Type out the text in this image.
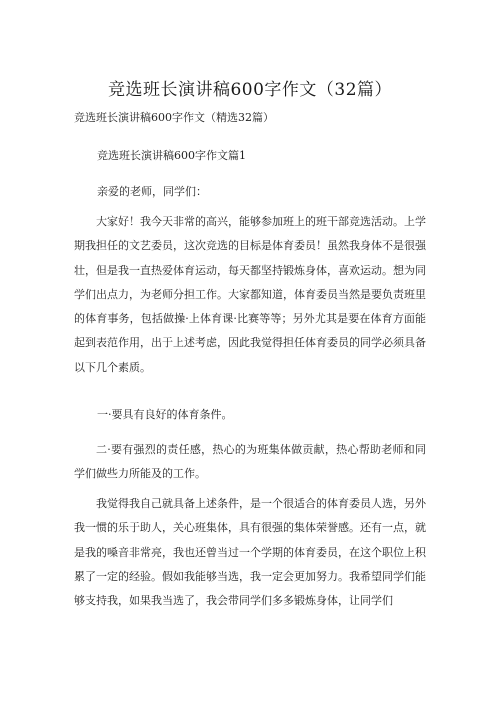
竞选班长演讲稿600字作文（32篇）
竞选班长演讲稿600字作文（精选32篇）
竞选班长演讲稿600字作文篇1
亲爱的老师，同学们：

大家好！我今天非常的高兴，能够参加班上的班干部竞选活动。上学期我担任的文艺委员，这次竞选的目标是体育委员！虽然我身体不是很强壮，但是我一直热爱体育运动，每天都坚持锻炼身体，喜欢运动。想为同学们出点力，为老师分担工作。大家都知道，体育委员当然是要负责班里的体育事务，包括做操·上体育课·比赛等等；另外尤其是要在体育方面能起到表范作用，出于上述考虑，因此我觉得担任体育委员的同学必须具备以下几个素质。

一·要具有良好的体育条件。

二·要有强烈的责任感，热心的为班集体做贡献，热心帮助老师和同学们做些力所能及的工作。

我觉得我自己就具备上述条件，是一个很适合的体育委员人选，另外我一惯的乐于助人，关心班集体，具有很强的集体荣誉感。还有一点，就是我的嗓音非常亮，我也还曾当过一个学期的体育委员，在这个职位上积累了一定的经验。假如我能够当选，我一定会更加努力。我希望同学们能够支持我，如果我当选了，我会带同学们多多锻炼身体，让同学们
